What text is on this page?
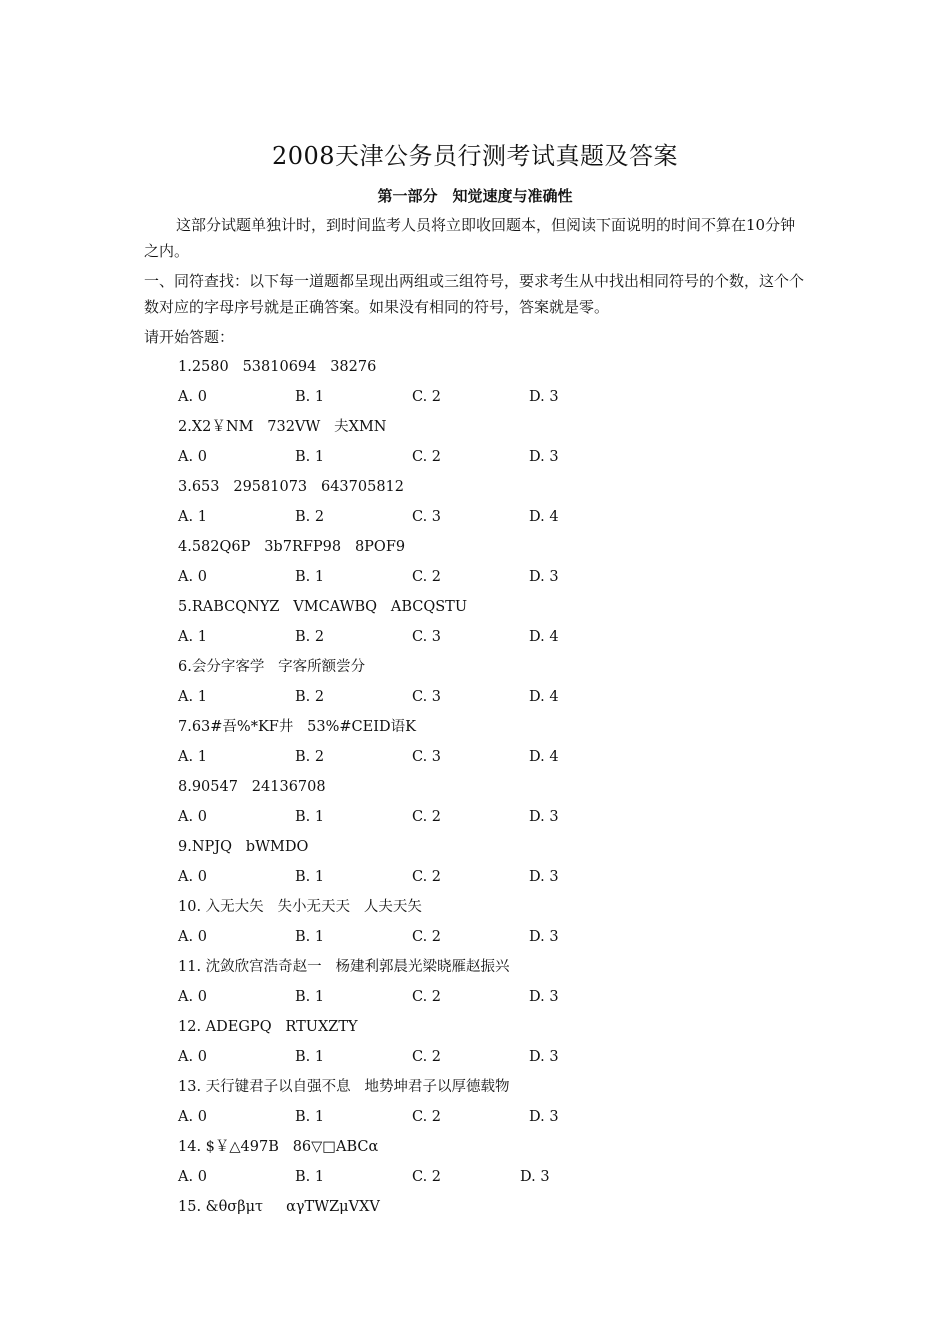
2008天津公务员行测考试真题及答案
第一部分　知觉速度与准确性

这部分试题单独计时，到时间监考人员将立即收回题本，但阅读下面说明的时间不算在10分钟之内。

一、同符查找：以下每一道题都呈现出两组或三组符号，要求考生从中找出相同符号的个数，这个个数对应的字母序号就是正确答案。如果没有相同的符号，答案就是零。

请开始答题：

1.2580   53810694   38276
A. 0	B. 1	C. 2	D. 3
2.X2￥NM   732VW   夫XMN
A. 0	B. 1	C. 2	D. 3
3.653   29581073   643705812
A. 1	B. 2	C. 3	D. 4
4.582Q6P   3b7RFP98   8POF9
A. 0	B. 1	C. 2	D. 3
5.RABCQNYZ   VMCAWBQ   ABCQSTU
A. 1	B. 2	C. 3	D. 4
6.会分字客学   字客所额尝分
A. 1	B. 2	C. 3	D. 4
7.63#吾%*KF井   53%#CEID语K
A. 1	B. 2	C. 3	D. 4
8.90547   24136708
A. 0	B. 1	C. 2	D. 3
9.NPJQ   bWMDO
A. 0	B. 1	C. 2	D. 3
10. 入无大矢   失小无天天   人夫天矢
A. 0	B. 1	C. 2	D. 3
11. 沈敛欣宫浩奇赵一   杨建利郭晨光梁晓雁赵振兴
A. 0	B. 1	C. 2	D. 3
12. ADEGPQ   RTUXZTY
A. 0	B. 1	C. 2	D. 3
13. 天行键君子以自强不息   地势坤君子以厚德载物
A. 0	B. 1	C. 2	D. 3
14. $￥△497B   86▽□ABCα
A. 0	B. 1	C. 2	D. 3
15. &θσβμτ     αγTWZμVXV
